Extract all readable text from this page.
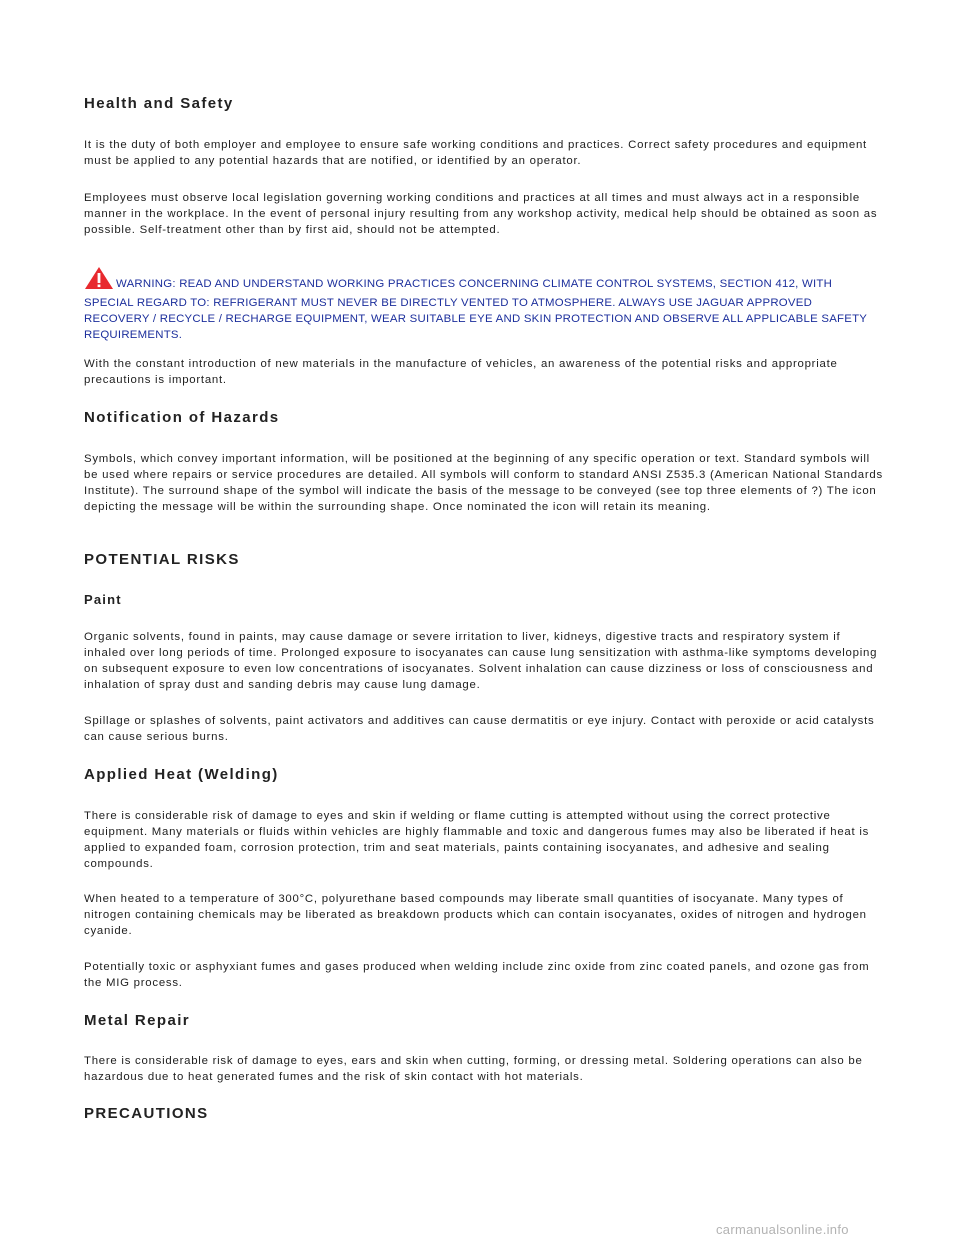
Health and Safety

It is the duty of both employer and employee to ensure safe working conditions and practices. Correct safety procedures and equipment must be applied to any potential hazards that are notified, or identified by an operator.

Employees must observe local legislation governing working conditions and practices at all times and must always act in a responsible manner in the workplace. In the event of personal injury resulting from any workshop activity, medical help should be obtained as soon as possible. Self-treatment other than by first aid, should not be attempted.

WARNING: READ AND UNDERSTAND WORKING PRACTICES CONCERNING CLIMATE CONTROL SYSTEMS, SECTION 412, WITH SPECIAL REGARD TO: REFRIGERANT MUST NEVER BE DIRECTLY VENTED TO ATMOSPHERE. ALWAYS USE JAGUAR APPROVED RECOVERY / RECYCLE / RECHARGE EQUIPMENT, WEAR SUITABLE EYE AND SKIN PROTECTION AND OBSERVE ALL APPLICABLE SAFETY REQUIREMENTS.

With the constant introduction of new materials in the manufacture of vehicles, an awareness of the potential risks and appropriate precautions is important.

Notification of Hazards

Symbols, which convey important information, will be positioned at the beginning of any specific operation or text. Standard symbols will be used where repairs or service procedures are detailed. All symbols will conform to standard ANSI Z535.3 (American National Standards Institute). The surround shape of the symbol will indicate the basis of the message to be conveyed (see top three elements of ?) The icon depicting the message will be within the surrounding shape. Once nominated the icon will retain its meaning.

POTENTIAL RISKS
Paint

Organic solvents, found in paints, may cause damage or severe irritation to liver, kidneys, digestive tracts and respiratory system if inhaled over long periods of time. Prolonged exposure to isocyanates can cause lung sensitization with asthma-like symptoms developing on subsequent exposure to even low concentrations of isocyanates. Solvent inhalation can cause dizziness or loss of consciousness and inhalation of spray dust and sanding debris may cause lung damage.

Spillage or splashes of solvents, paint activators and additives can cause dermatitis or eye injury. Contact with peroxide or acid catalysts can cause serious burns.

Applied Heat (Welding)

There is considerable risk of damage to eyes and skin if welding or flame cutting is attempted without using the correct protective equipment. Many materials or fluids within vehicles are highly flammable and toxic and dangerous fumes may also be liberated if heat is applied to expanded foam, corrosion protection, trim and seat materials, paints containing isocyanates, and adhesive and sealing compounds.

When heated to a temperature of 300°C, polyurethane based compounds may liberate small quantities of isocyanate. Many types of nitrogen containing chemicals may be liberated as breakdown products which can contain isocyanates, oxides of nitrogen and hydrogen cyanide.

Potentially toxic or asphyxiant fumes and gases produced when welding include zinc oxide from zinc coated panels, and ozone gas from the MIG process.

Metal Repair

There is considerable risk of damage to eyes, ears and skin when cutting, forming, or dressing metal. Soldering operations can also be hazardous due to heat generated fumes and the risk of skin contact with hot materials.

PRECAUTIONS
carmanualsonline.info
